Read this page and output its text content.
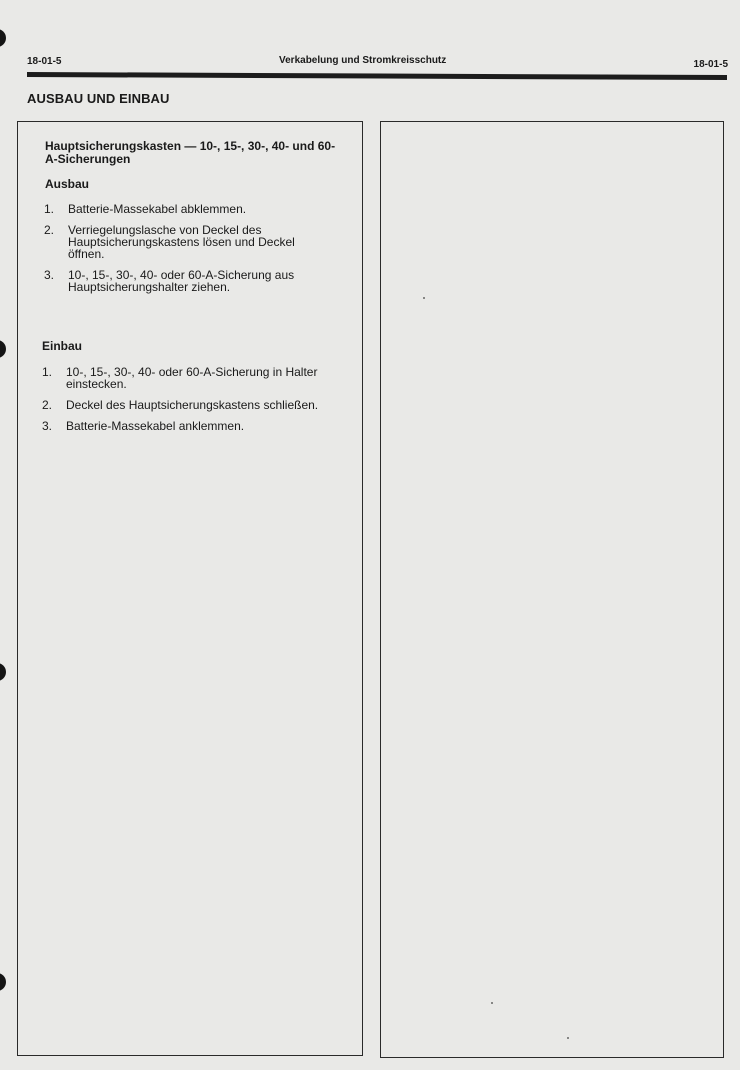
18-01-5	Verkabelung und Stromkreisschutz	18-01-5
AUSBAU UND EINBAU
Hauptsicherungskasten — 10-, 15-, 30-, 40- und 60-A-Sicherungen
Ausbau
1. Batterie-Massekabel abklemmen.
2. Verriegelungslasche von Deckel des Hauptsicherungskastens lösen und Deckel öffnen.
3. 10-, 15-, 30-, 40- oder 60-A-Sicherung aus Hauptsicherungshalter ziehen.
Einbau
1. 10-, 15-, 30-, 40- oder 60-A-Sicherung in Halter einstecken.
2. Deckel des Hauptsicherungskastens schließen.
3. Batterie-Massekabel anklemmen.
